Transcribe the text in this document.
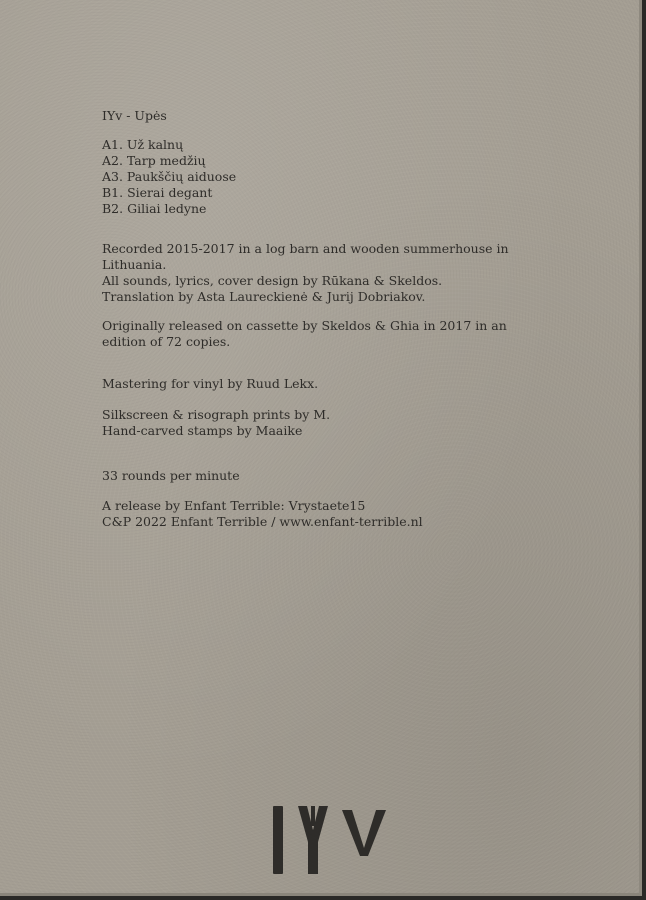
IYv - Upės
A1. Už kalnų
A2. Tarp medžių
A3. Paukščių aiduose
B1. Sierai degant
B2. Giliai ledyne
Recorded 2015-2017 in a log barn and wooden summerhouse in
Lithuania.
All sounds, lyrics, cover design by Rūkana & Skeldos.
Translation by Asta Laureckienė & Jurij Dobriakov.
Originally released on cassette by Skeldos & Ghia in 2017 in an
edition of 72 copies.
Mastering for vinyl by Ruud Lekx.
Silkscreen & risograph prints by M.
Hand-carved stamps by Maaike
33 rounds per minute
A release by Enfant Terrible: Vrystaete15
C&P 2022 Enfant Terrible / www.enfant-terrible.nl
